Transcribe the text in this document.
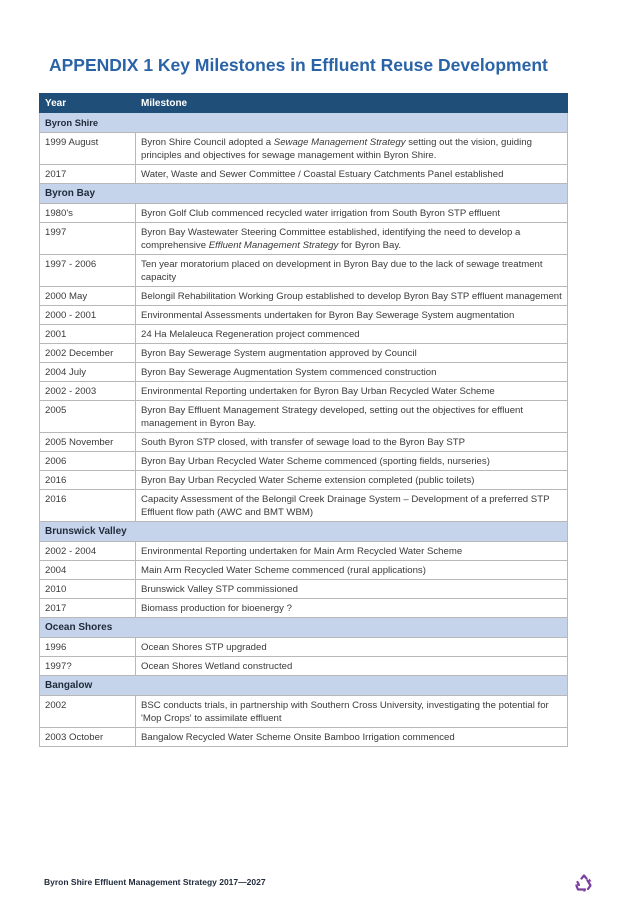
APPENDIX 1 Key Milestones in Effluent Reuse Development
Year	Milestone
Byron Shire	
1999 August	Byron Shire Council adopted a Sewage Management Strategy setting out the vision, guiding principles and objectives for sewage management within Byron Shire.
2017	Water, Waste and Sewer Committee / Coastal Estuary Catchments Panel established
Byron Bay	
1980's	Byron Golf Club commenced recycled water irrigation from South Byron STP effluent
1997	Byron Bay Wastewater Steering Committee established, identifying the need to develop a comprehensive Effluent Management Strategy for Byron Bay.
1997 - 2006	Ten year moratorium placed on development in Byron Bay due to the lack of sewage treatment capacity
2000 May	Belongil Rehabilitation Working Group established to develop Byron Bay STP effluent management
2000 - 2001	Environmental Assessments undertaken for Byron Bay Sewerage System augmentation
2001	24 Ha Melaleuca Regeneration project commenced
2002 December	Byron Bay Sewerage System augmentation approved by Council
2004 July	Byron Bay Sewerage Augmentation System commenced construction
2002 - 2003	Environmental Reporting undertaken for Byron Bay Urban Recycled Water Scheme
2005	Byron Bay Effluent Management Strategy developed, setting out the objectives for effluent management in Byron Bay.
2005 November	South Byron STP closed, with transfer of sewage load to the Byron Bay STP
2006	Byron Bay Urban Recycled Water Scheme commenced (sporting fields, nurseries)
2016	Byron Bay Urban Recycled Water Scheme extension completed (public toilets)
2016	Capacity Assessment of the Belongil Creek Drainage System – Development of a preferred STP Effluent flow path (AWC and BMT WBM)
Brunswick Valley	
2002 - 2004	Environmental Reporting undertaken for Main Arm Recycled Water Scheme
2004	Main Arm Recycled Water Scheme commenced (rural applications)
2010	Brunswick Valley STP commissioned
2017	Biomass production for bioenergy ?
Ocean Shores	
1996	Ocean Shores STP upgraded
1997?	Ocean Shores Wetland constructed
Bangalow	
2002	BSC conducts trials, in partnership with Southern Cross University, investigating the potential for 'Mop Crops' to assimilate effluent
2003 October	Bangalow Recycled Water Scheme Onsite Bamboo Irrigation commenced
Byron Shire Effluent Management Strategy 2017—2027
